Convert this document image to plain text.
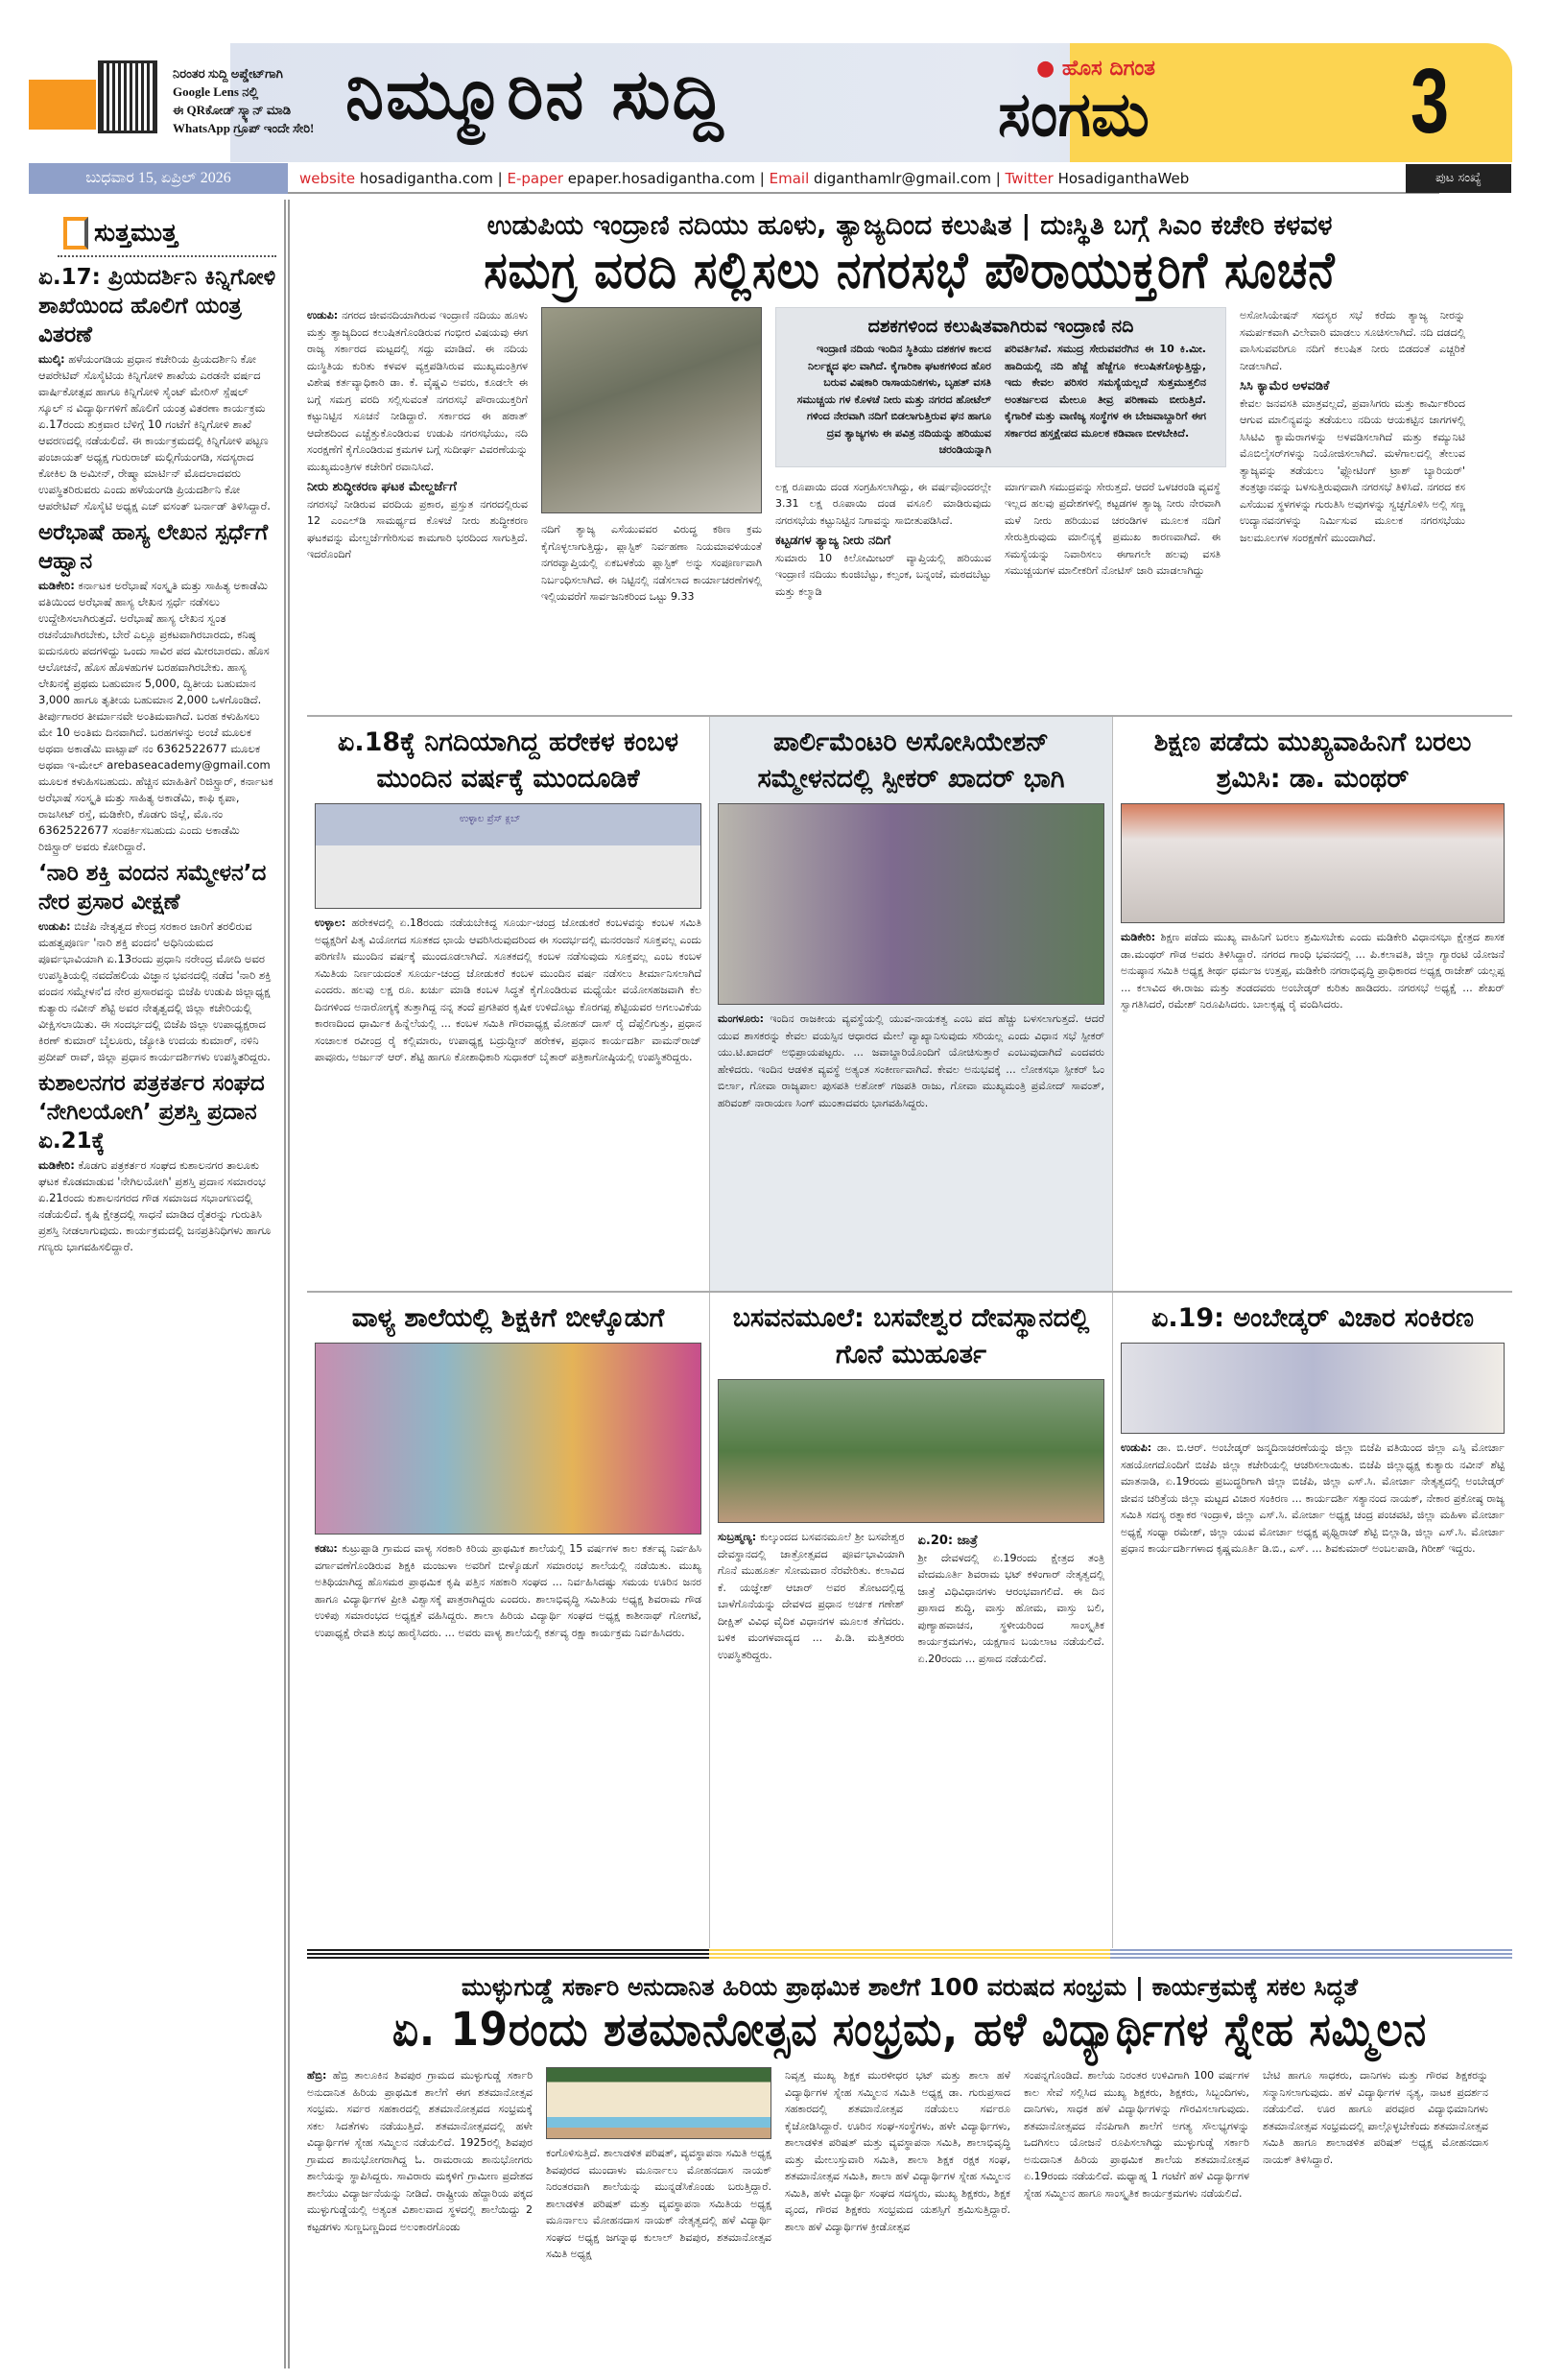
ನಿರಂತರ ಸುದ್ದಿ ಅಪ್ಡೇಟ್‌ಗಾಗಿ
Google Lens ನಲ್ಲಿ
ಈ QRಕೋಡ್ ಸ್ಕ್ಯಾನ್ ಮಾಡಿ
WhatsApp ಗ್ರೂಪ್ ಇಂದೇ ಸೇರಿ! ನಿಮ್ಮೂರಿನ ಸುದ್ದಿ	● ಹೊಸ ದಿಗಂತ
ಸಂಗಮ	3
ಬುಧವಾರ 15, ಏಪ್ರಿಲ್ 2026	website hosadigantha.com | E-paper epaper.hosadigantha.com | Email diganthamlr@gmail.com | Twitter HosadiganthaWeb	ಪುಟ ಸಂಖ್ಯೆ
ಸುತ್ತಮುತ್ತ
ಏ.17: ಪ್ರಿಯದರ್ಶಿನಿ ಕಿನ್ನಿಗೋಳಿ ಶಾಖೆಯಿಂದ ಹೊಲಿಗೆ ಯಂತ್ರ ವಿತರಣೆ

ಮುಲ್ಕಿ: ಹಳೆಯಂಗಡಿಯ ಪ್ರಧಾನ ಕಚೇರಿಯ ಪ್ರಿಯದರ್ಶಿನಿ ಕೋ ಆಪರೇಟಿವ್ ಸೊಸೈಟಿಯ ಕಿನ್ನಿಗೋಳಿ ಶಾಖೆಯ ಎರಡನೇ ವರ್ಷದ ವಾರ್ಷಿಕೋತ್ಸವ ಹಾಗೂ ಕಿನ್ನಿಗೋಳಿ ಸೈಂಟ್ ಮೇರಿಸ್ ಸ್ಪೆಷಲ್ ಸ್ಕೂಲ್ ನ ವಿದ್ಯಾರ್ಥಿಗಳಿಗೆ ಹೊಲಿಗೆ ಯಂತ್ರ ವಿತರಣಾ ಕಾರ್ಯಕ್ರಮ ಏ.17ರಂದು ಶುಕ್ರವಾರ ಬೆಳಿಗ್ಗೆ 10 ಗಂಟೆಗೆ ಕಿನ್ನಿಗೋಳಿ ಶಾಖೆ ಆವರಣದಲ್ಲಿ ನಡೆಯಲಿದೆ. ಈ ಕಾರ್ಯಕ್ರಮದಲ್ಲಿ ಕಿನ್ನಿಗೋಳಿ ಪಟ್ಟಣ ಪಂಚಾಯತ್ ಅಧ್ಯಕ್ಷ ಗುರುರಾಜ್ ಮಲ್ಲಿಗೆಯಂಗಡಿ, ಸದಸ್ಯರಾದ ಕೋಕಿಲ ಡಿ ಅಮೀನ್, ರೇಷ್ಮಾ ಮಾರ್ಟಿನ್ ಮೊದಲಾದವರು ಉಪಸ್ಥಿತರಿರುವರು ಎಂದು ಹಳೆಯಂಗಡಿ ಪ್ರಿಯದರ್ಶಿನಿ ಕೋ ಆಪರೇಟಿವ್ ಸೊಸೈಟಿ ಅಧ್ಯಕ್ಷ ಎಚ್ ವಸಂತ್ ಬರ್ನಾಡ್ ತಿಳಿಸಿದ್ದಾರೆ.

ಅರೆಭಾಷೆ ಹಾಸ್ಯ ಲೇಖನ ಸ್ಪರ್ಧೆಗೆ ಆಹ್ವಾನ

ಮಡಿಕೇರಿ: ಕರ್ನಾಟಕ ಅರೆಭಾಷೆ ಸಂಸ್ಕೃತಿ ಮತ್ತು ಸಾಹಿತ್ಯ ಅಕಾಡೆಮಿ ವತಿಯಿಂದ ಅರೆಭಾಷೆ ಹಾಸ್ಯ ಲೇಖನ ಸ್ಪರ್ಧೆ ನಡೆಸಲು ಉದ್ದೇಶಿಸಲಾಗಿರುತ್ತದೆ. ಅರೆಭಾಷೆ ಹಾಸ್ಯ ಲೇಖನ ಸ್ವಂತ ರಚನೆಯಾಗಿರಬೇಕು, ಬೇರೆ ಎಲ್ಲೂ ಪ್ರಕಟವಾಗಿರಬಾರದು, ಕನಿಷ್ಠ ಐದುನೂರು ಪದಗಳಿದ್ದು ಒಂದು ಸಾವಿರ ಪದ ಮೀರಬಾರದು. ಹೊಸ ಆಲೋಚನೆ, ಹೊಸ ಹೊಳಹುಗಳ ಬರಹವಾಗಿರಬೇಕು. ಹಾಸ್ಯ ಲೇಖನಕ್ಕೆ ಪ್ರಥಮ ಬಹುಮಾನ 5,000, ದ್ವಿತೀಯ ಬಹುಮಾನ 3,000 ಹಾಗೂ ತೃತೀಯ ಬಹುಮಾನ 2,000 ಒಳಗೊಂಡಿದೆ. ತೀರ್ಪುಗಾರರ ತೀರ್ಮಾನವೇ ಅಂತಿಮವಾಗಿದೆ. ಬರಹ ಕಳುಹಿಸಲು ಮೇ 10 ಅಂತಿಮ ದಿನವಾಗಿದೆ. ಬರಹಗಳನ್ನು ಅಂಚೆ ಮೂಲಕ ಅಥವಾ ಅಕಾಡೆಮಿ ವಾಟ್ಸಾಪ್ ನಂ 6362522677 ಮೂಲಕ ಅಥವಾ ಇ-ಮೇಲ್ arebaseacademy@gmail.com ಮೂಲಕ ಕಳುಹಿಸಬಹುದು. ಹೆಚ್ಚಿನ ಮಾಹಿತಿಗೆ ರಿಜಿಸ್ಟ್ರಾರ್, ಕರ್ನಾಟಕ ಅರೆಭಾಷೆ ಸಂಸ್ಕೃತಿ ಮತ್ತು ಸಾಹಿತ್ಯ ಅಕಾಡೆಮಿ, ಕಾಫಿ ಕೃಪಾ, ರಾಜಸೀಟ್ ರಸ್ತೆ, ಮಡಿಕೇರಿ, ಕೊಡಗು ಜಿಲ್ಲೆ, ಮೊ.ನಂ 6362522677 ಸಂಪರ್ಕಿಸಬಹುದು ಎಂದು ಅಕಾಡೆಮಿ ರಿಜಿಸ್ಟ್ರಾರ್ ಅವರು ಕೋರಿದ್ದಾರೆ.

‘ನಾರಿ ಶಕ್ತಿ ವಂದನ ಸಮ್ಮೇಳನ’ದ ನೇರ ಪ್ರಸಾರ ವೀಕ್ಷಣೆ

ಉಡುಪಿ: ಬಿಜೆಪಿ ನೇತೃತ್ವದ ಕೇಂದ್ರ ಸರಕಾರ ಜಾರಿಗೆ ತರಲಿರುವ ಮಹತ್ವಪೂರ್ಣ 'ನಾರಿ ಶಕ್ತಿ ವಂದನ' ಅಧಿನಿಯಮದ ಪೂರ್ವಭಾವಿಯಾಗಿ ಏ.13ರಂದು ಪ್ರಧಾನಿ ನರೇಂದ್ರ ಮೋದಿ ಅವರ ಉಪಸ್ಥಿತಿಯಲ್ಲಿ ನವದೆಹಲಿಯ ವಿಜ್ಞಾನ ಭವನದಲ್ಲಿ ನಡೆದ 'ನಾರಿ ಶಕ್ತಿ ವಂದನ ಸಮ್ಮೇಳನ'ದ ನೇರ ಪ್ರಸಾರವನ್ನು ಬಿಜೆಪಿ ಉಡುಪಿ ಜಿಲ್ಲಾಧ್ಯಕ್ಷ ಕುತ್ಯಾರು ನವೀನ್ ಶೆಟ್ಟಿ ಅವರ ನೇತೃತ್ವದಲ್ಲಿ ಜಿಲ್ಲಾ ಕಚೇರಿಯಲ್ಲಿ ವೀಕ್ಷಿಸಲಾಯಿತು. ಈ ಸಂದರ್ಭದಲ್ಲಿ ಬಿಜೆಪಿ ಜಿಲ್ಲಾ ಉಪಾಧ್ಯಕ್ಷರಾದ ಕಿರಣ್ ಕುಮಾರ್ ಬೈಲೂರು, ಜ್ಯೋತಿ ಉದಯ ಕುಮಾರ್, ನಳಿನಿ ಪ್ರದೀಪ್ ರಾವ್, ಜಿಲ್ಲಾ ಪ್ರಧಾನ ಕಾರ್ಯದರ್ಶಿಗಳು ಉಪಸ್ಥಿತರಿದ್ದರು.

ಕುಶಾಲನಗರ ಪತ್ರಕರ್ತರ ಸಂಘದ ‘ನೇಗಿಲಯೋಗಿ’ ಪ್ರಶಸ್ತಿ ಪ್ರದಾನ ಏ.21ಕ್ಕೆ

ಮಡಿಕೇರಿ: ಕೊಡಗು ಪತ್ರಕರ್ತರ ಸಂಘದ ಕುಶಾಲನಗರ ತಾಲೂಕು ಘಟಕ ಕೊಡಮಾಡುವ 'ನೇಗಿಲಯೋಗಿ' ಪ್ರಶಸ್ತಿ ಪ್ರದಾನ ಸಮಾರಂಭ ಏ.21ರಂದು ಕುಶಾಲನಗರದ ಗೌಡ ಸಮಾಜದ ಸಭಾಂಗಣದಲ್ಲಿ ನಡೆಯಲಿದೆ. ಕೃಷಿ ಕ್ಷೇತ್ರದಲ್ಲಿ ಸಾಧನೆ ಮಾಡಿದ ರೈತರನ್ನು ಗುರುತಿಸಿ ಪ್ರಶಸ್ತಿ ನೀಡಲಾಗುವುದು. ಕಾರ್ಯಕ್ರಮದಲ್ಲಿ ಜನಪ್ರತಿನಿಧಿಗಳು ಹಾಗೂ ಗಣ್ಯರು ಭಾಗವಹಿಸಲಿದ್ದಾರೆ.

ಉಡುಪಿಯ ಇಂದ್ರಾಣಿ ನದಿಯು ಹೂಳು, ತ್ಯಾಜ್ಯದಿಂದ ಕಲುಷಿತ | ದುಃಸ್ಥಿತಿ ಬಗ್ಗೆ ಸಿಎಂ ಕಚೇರಿ ಕಳವಳ
ಸಮಗ್ರ ವರದಿ ಸಲ್ಲಿಸಲು ನಗರಸಭೆ ಪೌರಾಯುಕ್ತರಿಗೆ ಸೂಚನೆ

ಉಡುಪಿ: ನಗರದ ಜೀವನದಿಯಾಗಿರುವ ಇಂದ್ರಾಣಿ ನದಿಯು ಹೂಳು ಮತ್ತು ತ್ಯಾಜ್ಯದಿಂದ ಕಲುಷಿತಗೊಂಡಿರುವ ಗಂಭೀರ ವಿಷಯವು ಈಗ ರಾಜ್ಯ ಸರ್ಕಾರದ ಮಟ್ಟದಲ್ಲಿ ಸದ್ದು ಮಾಡಿದೆ. ಈ ನದಿಯ ದುಃಸ್ಥಿತಿಯ ಕುರಿತು ಕಳವಳ ವ್ಯಕ್ತಪಡಿಸಿರುವ ಮುಖ್ಯಮಂತ್ರಿಗಳ ವಿಶೇಷ ಕರ್ತವ್ಯಾಧಿಕಾರಿ ಡಾ. ಕೆ. ವೈಷ್ಣವಿ ಅವರು, ಕೂಡಲೇ ಈ ಬಗ್ಗೆ ಸಮಗ್ರ ವರದಿ ಸಲ್ಲಿಸುವಂತೆ ನಗರಸಭೆ ಪೌರಾಯುಕ್ತರಿಗೆ ಕಟ್ಟುನಿಟ್ಟಿನ ಸೂಚನೆ ನೀಡಿದ್ದಾರೆ. ಸರ್ಕಾರದ ಈ ಹಠಾತ್ ಆದೇಶದಿಂದ ಎಚ್ಚೆತ್ತುಕೊಂಡಿರುವ ಉಡುಪಿ ನಗರಸಭೆಯು, ನದಿ ಸಂರಕ್ಷಣೆಗೆ ಕೈಗೊಂಡಿರುವ ಕ್ರಮಗಳ ಬಗ್ಗೆ ಸುದೀರ್ಘ ವಿವರಣೆಯನ್ನು ಮುಖ್ಯಮಂತ್ರಿಗಳ ಕಚೇರಿಗೆ ರವಾನಿಸಿದೆ.

ನೀರು ಶುದ್ಧೀಕರಣ ಘಟಕ ಮೇಲ್ದರ್ಜೆಗೆ

ನಗರಸಭೆ ನೀಡಿರುವ ವರದಿಯ ಪ್ರಕಾರ, ಪ್ರಸ್ತುತ ನಗರದಲ್ಲಿರುವ 12 ಎಂಎಲ್‌ಡಿ ಸಾಮರ್ಥ್ಯದ ಕೊಳಚೆ ನೀರು ಶುದ್ಧೀಕರಣ ಘಟಕವನ್ನು ಮೇಲ್ದರ್ಜೆಗೇರಿಸುವ ಕಾಮಗಾರಿ ಭರದಿಂದ ಸಾಗುತ್ತಿದೆ. ಇದರೊಂದಿಗೆ

ನದಿಗೆ ತ್ಯಾಜ್ಯ ಎಸೆಯುವವರ ವಿರುದ್ಧ ಕಠಿಣ ಕ್ರಮ ಕೈಗೊಳ್ಳಲಾಗುತ್ತಿದ್ದು, ಪ್ಲಾಸ್ಟಿಕ್ ನಿರ್ವಹಣಾ ನಿಯಮಾವಳಿಯಂತೆ ನಗರವ್ಯಾಪ್ತಿಯಲ್ಲಿ ಏಕಬಳಕೆಯ ಪ್ಲಾಸ್ಟಿಕ್ ಅನ್ನು ಸಂಪೂರ್ಣವಾಗಿ ನಿರ್ಬಂಧಿಸಲಾಗಿದೆ. ಈ ನಿಟ್ಟಿನಲ್ಲಿ ನಡೆಸಲಾದ ಕಾರ್ಯಾಚರಣೆಗಳಲ್ಲಿ ಇಲ್ಲಿಯವರೆಗೆ ಸಾರ್ವಜನಿಕರಿಂದ ಒಟ್ಟು 9.33

ದಶಕಗಳಿಂದ ಕಲುಷಿತವಾಗಿರುವ ಇಂದ್ರಾಣಿ ನದಿ

ಇಂದ್ರಾಣಿ ನದಿಯ ಇಂದಿನ ಸ್ಥಿತಿಯು ದಶಕಗಳ ಕಾಲದ ನಿರ್ಲಕ್ಷ್ಯದ ಫಲ ವಾಗಿದೆ. ಕೈಗಾರಿಕಾ ಘಟಕಗಳಿಂದ ಹೊರ ಬರುವ ವಿಷಕಾರಿ ರಾಸಾಯನಿಕಗಳು, ಬೃಹತ್ ವಸತಿ ಸಮುಚ್ಚಯ ಗಳ ಕೊಳಚೆ ನೀರು ಮತ್ತು ನಗರದ ಹೋಟೆಲ್ ಗಳಿಂದ ನೇರವಾಗಿ ನದಿಗೆ ಬಿಡಲಾಗುತ್ತಿರುವ ಘನ ಹಾಗೂ ದ್ರವ ತ್ಯಾಜ್ಯಗಳು ಈ ಪವಿತ್ರ ನದಿಯನ್ನು ಹರಿಯುವ ಚರಂಡಿಯನ್ನಾಗಿ

ಪರಿವರ್ತಿಸಿವೆ. ಸಮುದ್ರ ಸೇರುವವರೆಗಿನ ಈ 10 ಕಿ.ಮೀ. ಹಾದಿಯಲ್ಲಿ ನದಿ ಹೆಜ್ಜೆ ಹೆಜ್ಜೆಗೂ ಕಲುಷಿತಗೊಳ್ಳುತ್ತಿದ್ದು, ಇದು ಕೇವಲ ಪರಿಸರ ಸಮಸ್ಯೆಯಲ್ಲದೆ ಸುತ್ತಮುತ್ತಲಿನ ಅಂತರ್ಜಲದ ಮೇಲೂ ತೀವ್ರ ಪರಿಣಾಮ ಬೀರುತ್ತಿದೆ. ಕೈಗಾರಿಕೆ ಮತ್ತು ವಾಣಿಜ್ಯ ಸಂಸ್ಥೆಗಳ ಈ ಬೇಜವಾಬ್ದಾರಿಗೆ ಈಗ ಸರ್ಕಾರದ ಹಸ್ತಕ್ಷೇಪದ ಮೂಲಕ ಕಡಿವಾಣ ಬೀಳಬೇಕಿದೆ.

ಲಕ್ಷ ರೂಪಾಯಿ ದಂಡ ಸಂಗ್ರಹಿಸಲಾಗಿದ್ದು, ಈ ವರ್ಷವೊಂದರಲ್ಲೇ 3.31 ಲಕ್ಷ ರೂಪಾಯಿ ದಂಡ ವಸೂಲಿ ಮಾಡಿರುವುದು ನಗರಸಭೆಯ ಕಟ್ಟುನಿಟ್ಟಿನ ನಿಗಾವನ್ನು ಸಾಬೀತುಪಡಿಸಿದೆ.

ಕಟ್ಟಡಗಳ ತ್ಯಾಜ್ಯ ನೀರು ನದಿಗೆ

ಸುಮಾರು 10 ಕಿಲೋಮೀಟರ್ ವ್ಯಾಪ್ತಿಯಲ್ಲಿ ಹರಿಯುವ ಇಂದ್ರಾಣಿ ನದಿಯು ಕುಂಜಿಬೆಟ್ಟು, ಕಲ್ಸಂಕ, ಬನ್ನಂಜೆ, ಮಠದಬೆಟ್ಟು ಮತ್ತು ಕಲ್ಮಾಡಿ

ಮಾರ್ಗವಾಗಿ ಸಮುದ್ರವನ್ನು ಸೇರುತ್ತದೆ. ಆದರೆ ಒಳಚರಂಡಿ ವ್ಯವಸ್ಥೆ ಇಲ್ಲದ ಹಲವು ಪ್ರದೇಶಗಳಲ್ಲಿ ಕಟ್ಟಡಗಳ ತ್ಯಾಜ್ಯ ನೀರು ನೇರವಾಗಿ ಮಳೆ ನೀರು ಹರಿಯುವ ಚರಂಡಿಗಳ ಮೂಲಕ ನದಿಗೆ ಸೇರುತ್ತಿರುವುದು ಮಾಲಿನ್ಯಕ್ಕೆ ಪ್ರಮುಖ ಕಾರಣವಾಗಿದೆ. ಈ ಸಮಸ್ಯೆಯನ್ನು ನಿವಾರಿಸಲು ಈಗಾಗಲೇ ಹಲವು ವಸತಿ ಸಮುಚ್ಚಯಗಳ ಮಾಲೀಕರಿಗೆ ನೋಟಿಸ್ ಜಾರಿ ಮಾಡಲಾಗಿದ್ದು

ಅಸೋಸಿಯೇಷನ್ ಸದಸ್ಯರ ಸಭೆ ಕರೆದು ತ್ಯಾಜ್ಯ ನೀರನ್ನು ಸಮರ್ಪಕವಾಗಿ ವಿಲೇವಾರಿ ಮಾಡಲು ಸೂಚಿಸಲಾಗಿದೆ. ನದಿ ದಡದಲ್ಲಿ ವಾಸಿಸುವವರಿಗೂ ನದಿಗೆ ಕಲುಷಿತ ನೀರು ಬಿಡದಂತೆ ಎಚ್ಚರಿಕೆ ನೀಡಲಾಗಿದೆ.

ಸಿಸಿ ಕ್ಯಾಮೆರ ಅಳವಡಿಕೆ

ಕೇವಲ ಜನವಸತಿ ಮಾತ್ರವಲ್ಲದೆ, ಪ್ರವಾಸಿಗರು ಮತ್ತು ಕಾರ್ಮಿಕರಿಂದ ಆಗುವ ಮಾಲಿನ್ಯವನ್ನು ತಡೆಯಲು ನದಿಯ ಆಯಕಟ್ಟಿನ ಜಾಗಗಳಲ್ಲಿ ಸಿಸಿಟಿವಿ ಕ್ಯಾಮೆರಾಗಳನ್ನು ಅಳವಡಿಸಲಾಗಿದೆ ಮತ್ತು ಕಮ್ಯುನಿಟಿ ಮೊಬಿಲೈಸರ್‌ಗಳನ್ನು ನಿಯೋಜಿಸಲಾಗಿದೆ. ಮಳೆಗಾಲದಲ್ಲಿ ತೇಲುವ ತ್ಯಾಜ್ಯವನ್ನು ತಡೆಯಲು 'ಫ್ಲೋಟಿಂಗ್ ಟ್ರಾಶ್ ಬ್ಯಾರಿಯರ್' ತಂತ್ರಜ್ಞಾನವನ್ನು ಬಳಸುತ್ತಿರುವುದಾಗಿ ನಗರಸಭೆ ತಿಳಿಸಿದೆ. ನಗರದ ಕಸ ಎಸೆಯುವ ಸ್ಥಳಗಳನ್ನು ಗುರುತಿಸಿ ಅವುಗಳನ್ನು ಸ್ವಚ್ಛಗೊಳಿಸಿ ಅಲ್ಲಿ ಸಣ್ಣ ಉದ್ಯಾನವನಗಳನ್ನು ನಿರ್ಮಿಸುವ ಮೂಲಕ ನಗರಸಭೆಯು ಜಲಮೂಲಗಳ ಸಂರಕ್ಷಣೆಗೆ ಮುಂದಾಗಿದೆ.

ಏ.18ಕ್ಕೆ ನಿಗದಿಯಾಗಿದ್ದ ಹರೇಕಳ ಕಂಬಳ ಮುಂದಿನ ವರ್ಷಕ್ಕೆ ಮುಂದೂಡಿಕೆ
ಉಳ್ಳಾಲ ಪ್ರೆಸ್ ಕ್ಲಬ್

ಉಳ್ಳಾಲ: ಹರೇಕಳದಲ್ಲಿ ಏ.18ರಂದು ನಡೆಯಬೇಕಿದ್ದ ಸೂರ್ಯ-ಚಂದ್ರ ಜೋಡುಕರೆ ಕಂಬಳವನ್ನು ಕಂಬಳ ಸಮಿತಿ ಅಧ್ಯಕ್ಷರಿಗೆ ಪಿತೃ ವಿಯೋಗದ ಸೂತಕದ ಛಾಯೆ ಆವರಿಸಿರುವುದರಿಂದ ಈ ಸಂದರ್ಭದಲ್ಲಿ ಮನರಂಜನೆ ಸೂಕ್ತವಲ್ಲ ಎಂದು ಪರಿಗಣಿಸಿ ಮುಂದಿನ ವರ್ಷಕ್ಕೆ ಮುಂದೂಡಲಾಗಿದೆ. ಸೂತಕದಲ್ಲಿ ಕಂಬಳ ನಡೆಸುವುದು ಸೂಕ್ತವಲ್ಲ ಎಂಬ ಕಂಬಳ ಸಮಿತಿಯ ನಿರ್ಣಯದಂತೆ ಸೂರ್ಯ-ಚಂದ್ರ ಜೋಡುಕರೆ ಕಂಬಳ ಮುಂದಿನ ವರ್ಷ ನಡೆಸಲು ತೀರ್ಮಾನಿಸಲಾಗಿದೆ ಎಂದರು. ಹಲವು ಲಕ್ಷ ರೂ. ಖರ್ಚು ಮಾಡಿ ಕಂಬಳ ಸಿದ್ಧತೆ ಕೈಗೊಂಡಿರುವ ಮಧ್ಯೆಯೇ ವಯೋಸಹಜವಾಗಿ ಕೆಲ ದಿನಗಳಿಂದ ಅನಾರೋಗ್ಯಕ್ಕೆ ತುತ್ತಾಗಿದ್ದ ನನ್ನ ತಂದೆ ಪ್ರಗತಿಪರ ಕೃಷಿಕ ಉಳಿದೊಟ್ಟು ಕೊರಗಪ್ಪ ಶೆಟ್ಟಿಯವರ ಅಗಲುವಿಕೆಯ ಕಾರಣದಿಂದ ಧಾರ್ಮಿಕ ಹಿನ್ನೆಲೆಯಲ್ಲಿ ... ಕಂಬಳ ಸಮಿತಿ ಗೌರವಾಧ್ಯಕ್ಷ ಮೋಹನ್ ದಾಸ್ ರೈ ದೆಪ್ಪೆಲಿಗುತ್ತು, ಪ್ರಧಾನ ಸಂಚಾಲಕ ರವೀಂದ್ರ ರೈ ಕಲ್ಲಿಮಾರು, ಉಪಾಧ್ಯಕ್ಷ ಬದ್ರುದ್ದೀನ್ ಹರೇಕಳ, ಪ್ರಧಾನ ಕಾರ್ಯದರ್ಶಿ ವಾಮನ್‌ರಾಜ್ ಪಾವೂರು, ಅರ್ಜುನ್ ಆರ್. ಶೆಟ್ಟಿ ಹಾಗೂ ಕೋಶಾಧಿಕಾರಿ ಸುಧಾಕರ್ ಬೈತಾರ್ ಪತ್ರಿಕಾಗೋಷ್ಠಿಯಲ್ಲಿ ಉಪಸ್ಥಿತರಿದ್ದರು.

ಪಾರ್ಲಿಮೆಂಟರಿ ಅಸೋಸಿಯೇಶನ್ ಸಮ್ಮೇಳನದಲ್ಲಿ ಸ್ಪೀಕರ್ ಖಾದರ್ ಭಾಗಿ

ಮಂಗಳೂರು: ಇಂದಿನ ರಾಜಕೀಯ ವ್ಯವಸ್ಥೆಯಲ್ಲಿ ಯುವ-ನಾಯಕತ್ವ ಎಂಬ ಪದ ಹೆಚ್ಚು ಬಳಸಲಾಗುತ್ತದೆ. ಆದರೆ ಯುವ ಶಾಸಕರನ್ನು ಕೇವಲ ವಯಸ್ಸಿನ ಆಧಾರದ ಮೇಲೆ ವ್ಯಾಖ್ಯಾನಿಸುವುದು ಸರಿಯಲ್ಲ ಎಂದು ವಿಧಾನ ಸಭೆ ಸ್ಪೀಕರ್ ಯು.ಟಿ.ಖಾದರ್ ಅಭಿಪ್ರಾಯಪಟ್ಟರು. ... ಜವಾಬ್ದಾರಿಯೊಂದಿಗೆ ಯೋಚಿಸುತ್ತಾರೆ ಎಂಬುವುದಾಗಿದೆ ಎಂದವರು ಹೇಳಿದರು. ಇಂದಿನ ಆಡಳಿತ ವ್ಯವಸ್ಥೆ ಅತ್ಯಂತ ಸಂಕೀರ್ಣವಾಗಿದೆ. ಕೇವಲ ಅನುಭವಕ್ಕೆ ... ಲೋಕಸಭಾ ಸ್ಪೀಕರ್ ಓಂ ಬಿರ್ಲಾ, ಗೋವಾ ರಾಜ್ಯಪಾಲ ಪುಸಪತಿ ಅಶೋಕ್ ಗಜಪತಿ ರಾಜು, ಗೋವಾ ಮುಖ್ಯಮಂತ್ರಿ ಪ್ರಮೋದ್ ಸಾವಂತ್, ಹರಿವಂಶ್ ನಾರಾಯಣ ಸಿಂಗ್ ಮುಂತಾದವರು ಭಾಗವಹಿಸಿದ್ದರು.

ಶಿಕ್ಷಣ ಪಡೆದು ಮುಖ್ಯವಾಹಿನಿಗೆ ಬರಲು ಶ್ರಮಿಸಿ: ಡಾ. ಮಂಥರ್

ಮಡಿಕೇರಿ: ಶಿಕ್ಷಣ ಪಡೆದು ಮುಖ್ಯ ವಾಹಿನಿಗೆ ಬರಲು ಶ್ರಮಿಸಬೇಕು ಎಂದು ಮಡಿಕೇರಿ ವಿಧಾನಸಭಾ ಕ್ಷೇತ್ರದ ಶಾಸಕ ಡಾ.ಮಂಥರ್ ಗೌಡ ಅವರು ತಿಳಿಸಿದ್ದಾರೆ. ನಗರದ ಗಾಂಧಿ ಭವನದಲ್ಲಿ ... ಪಿ.ಕಲಾವತಿ, ಜಿಲ್ಲಾ ಗ್ಯಾರಂಟಿ ಯೋಜನೆ ಅನುಷ್ಠಾನ ಸಮಿತಿ ಅಧ್ಯಕ್ಷ ತೀರ್ಥ ಧರ್ಮಜ ಉತ್ತಪ್ಪ, ಮಡಿಕೇರಿ ನಗರಾಭಿವೃದ್ಧಿ ಪ್ರಾಧಿಕಾರದ ಅಧ್ಯಕ್ಷ ರಾಜೇಶ್ ಯಲ್ಲಪ್ಪ ... ಕಲಾವಿದ ಈ.ರಾಜು ಮತ್ತು ತಂಡದವರು ಅಂಬೇಡ್ಕರ್ ಕುರಿತು ಹಾಡಿದರು. ನಗರಸಭೆ ಅಧ್ಯಕ್ಷೆ ... ಶೇಖರ್ ಸ್ವಾಗತಿಸಿದರೆ, ರಮೇಶ್ ನಿರೂಪಿಸಿದರು. ಬಾಲಕೃಷ್ಣ ರೈ ವಂದಿಸಿದರು.

ವಾಳ್ಯ ಶಾಲೆಯಲ್ಲಿ ಶಿಕ್ಷಕಿಗೆ ಬೀಳ್ಕೊಡುಗೆ

ಕಡಬ: ಕುಟ್ರುಪ್ಪಾಡಿ ಗ್ರಾಮದ ವಾಳ್ಯ ಸರಕಾರಿ ಕಿರಿಯ ಪ್ರಾಥಮಿಕ ಶಾಲೆಯಲ್ಲಿ 15 ವರ್ಷಗಳ ಕಾಲ ಕರ್ತವ್ಯ ನಿರ್ವಹಿಸಿ ವರ್ಗಾವಣೆಗೊಂಡಿರುವ ಶಿಕ್ಷಕಿ ಮಂಜುಳಾ ಅವರಿಗೆ ಬೀಳ್ಕೊಡುಗೆ ಸಮಾರಂಭ ಶಾಲೆಯಲ್ಲಿ ನಡೆಯಿತು. ಮುಖ್ಯ ಅತಿಥಿಯಾಗಿದ್ದ ಹೊಸಮಠ ಪ್ರಾಥಮಿಕ ಕೃಷಿ ಪತ್ತಿನ ಸಹಕಾರಿ ಸಂಘದ ... ನಿರ್ವಹಿಸಿದಷ್ಟು ಸಮಯ ಊರಿನ ಜನರ ಹಾಗೂ ವಿದ್ಯಾರ್ಥಿಗಳ ಪ್ರೀತಿ ವಿಶ್ವಾಸಕ್ಕೆ ಪಾತ್ರರಾಗಿದ್ದರು ಎಂದರು. ಶಾಲಾಭಿವೃದ್ಧಿ ಸಮಿತಿಯ ಅಧ್ಯಕ್ಷ ಶಿವರಾಮ ಗೌಡ ಉಳಿಪು ಸಮಾರಂಭದ ಅಧ್ಯಕ್ಷತೆ ವಹಿಸಿದ್ದರು. ಶಾಲಾ ಹಿರಿಯ ವಿದ್ಯಾರ್ಥಿ ಸಂಘದ ಅಧ್ಯಕ್ಷ ಕಾಶೀನಾಥ್ ಗೋಗಟೆ, ಉಪಾಧ್ಯಕ್ಷೆ ರೇವತಿ ಶುಭ ಹಾರೈಸಿದರು. ... ಅವರು ವಾಳ್ಯ ಶಾಲೆಯಲ್ಲಿ ಕರ್ತವ್ಯ ರಕ್ಷಾ ಕಾರ್ಯಕ್ರಮ ನಿರ್ವಹಿಸಿದರು.

ಬಸವನಮೂಲೆ: ಬಸವೇಶ್ವರ ದೇವಸ್ಥಾನದಲ್ಲಿ ಗೊನೆ ಮುಹೂರ್ತ

ಸುಬ್ರಹ್ಮಣ್ಯ: ಕುಲ್ಕುಂದದ ಬಸವನಮೂಲೆ ಶ್ರೀ ಬಸವೇಶ್ವರ ದೇವಸ್ಥಾನದಲ್ಲಿ ಜಾತ್ರೋತ್ಸವದ ಪೂರ್ವಭಾವಿಯಾಗಿ ಗೊನೆ ಮುಹೂರ್ತ ಸೋಮವಾರ ನೆರವೇರಿತು. ಕಲಾವಿದ ಕೆ. ಯಜ್ಞೇಶ್ ಆಚಾರ್ ಅವರ ತೋಟದಲ್ಲಿದ್ದ ಬಾಳೆಗೊನೆಯನ್ನು ದೇವಳದ ಪ್ರಧಾನ ಅರ್ಚಕ ಗಣೇಶ್ ದೀಕ್ಷಿತ್ ವಿವಿಧ ವೈದಿಕ ವಿಧಾನಗಳ ಮೂಲಕ ತೆಗೆದರು. ಬಳಿಕ ಮಂಗಳವಾದ್ಯದ ... ಪಿ.ಡಿ. ಮತ್ತಿತರರು ಉಪಸ್ಥಿತರಿದ್ದರು.

ಏ.20: ಜಾತ್ರೆ

ಶ್ರೀ ದೇವಳದಲ್ಲಿ ಏ.19ರಂದು ಕ್ಷೇತ್ರದ ತಂತ್ರಿ ವೇದಮೂರ್ತಿ ಶಿವರಾಮ ಭಟ್ ಕಳಿಂಗಾರ್ ನೇತೃತ್ವದಲ್ಲಿ ಜಾತ್ರೆ ವಿಧಿವಿಧಾನಗಳು ಆರಂಭವಾಗಲಿದೆ. ಈ ದಿನ ಪ್ರಾಸಾದ ಶುದ್ಧಿ, ವಾಸ್ತು ಹೋಮ, ವಾಸ್ತು ಬಲಿ, ಪುಣ್ಯಾಹವಾಚನ, ಸ್ಥಳೀಯರಿಂದ ಸಾಂಸ್ಕೃತಿಕ ಕಾರ್ಯಕ್ರಮಗಳು, ಯಕ್ಷಗಾನ ಬಯಲಾಟ ನಡೆಯಲಿದೆ. ಏ.20ರಂದು ... ಪ್ರಸಾದ ನಡೆಯಲಿದೆ.

ಏ.19: ಅಂಬೇಡ್ಕರ್ ವಿಚಾರ ಸಂಕಿರಣ

ಉಡುಪಿ: ಡಾ. ಬಿ.ಆರ್. ಅಂಬೇಡ್ಕರ್ ಜನ್ಮದಿನಾಚರಣೆಯನ್ನು ಜಿಲ್ಲಾ ಬಿಜೆಪಿ ವತಿಯಿಂದ ಜಿಲ್ಲಾ ಎಸ್ಸಿ ಮೋರ್ಚಾ ಸಹಯೋಗದೊಂದಿಗೆ ಬಿಜೆಪಿ ಜಿಲ್ಲಾ ಕಚೇರಿಯಲ್ಲಿ ಆಚರಿಸಲಾಯಿತು. ಬಿಜೆಪಿ ಜಿಲ್ಲಾಧ್ಯಕ್ಷ ಕುತ್ಯಾರು ನವೀನ್ ಶೆಟ್ಟಿ ಮಾತನಾಡಿ, ಏ.19ರಂದು ಪ್ರಬುದ್ಧರಿಗಾಗಿ ಜಿಲ್ಲಾ ಬಿಜೆಪಿ, ಜಿಲ್ಲಾ ಎಸ್.ಸಿ. ಮೋರ್ಚಾ ನೇತೃತ್ವದಲ್ಲಿ ಅಂಬೇಡ್ಕರ್ ಜೀವನ ಚರಿತ್ರೆಯ ಜಿಲ್ಲಾ ಮಟ್ಟದ ವಿಚಾರ ಸಂಕಿರಣ ... ಕಾರ್ಯದರ್ಶಿ ಸತ್ಯಾನಂದ ನಾಯಕ್, ನೇಕಾರ ಪ್ರಕೋಷ್ಠ ರಾಜ್ಯ ಸಮಿತಿ ಸದಸ್ಯ ರತ್ನಾಕರ ಇಂದ್ರಾಳಿ, ಜಿಲ್ಲಾ ಎಸ್.ಸಿ. ಮೋರ್ಚಾ ಅಧ್ಯಕ್ಷ ಚಂದ್ರ ಪಂಚವಟಿ, ಜಿಲ್ಲಾ ಮಹಿಳಾ ಮೋರ್ಚಾ ಅಧ್ಯಕ್ಷೆ ಸಂಧ್ಯಾ ರಮೇಶ್, ಜಿಲ್ಲಾ ಯುವ ಮೋರ್ಚಾ ಅಧ್ಯಕ್ಷ ಪೃಥ್ವಿರಾಜ್ ಶೆಟ್ಟಿ ಬಿಲ್ಲಾಡಿ, ಜಿಲ್ಲಾ ಎಸ್.ಸಿ. ಮೋರ್ಚಾ ಪ್ರಧಾನ ಕಾರ್ಯದರ್ಶಿಗಳಾದ ಕೃಷ್ಣಮೂರ್ತಿ ಡಿ.ಬಿ., ಎಸ್. ... ಶಿವಕುಮಾರ್ ಅಂಬಲಪಾಡಿ, ಗಿರೀಶ್ ಇದ್ದರು.

ಮುಳ್ಳುಗುಡ್ಡೆ ಸರ್ಕಾರಿ ಅನುದಾನಿತ ಹಿರಿಯ ಪ್ರಾಥಮಿಕ ಶಾಲೆಗೆ 100 ವರುಷದ ಸಂಭ್ರಮ | ಕಾರ್ಯಕ್ರಮಕ್ಕೆ ಸಕಲ ಸಿದ್ಧತೆ
ಏ. 19ರಂದು ಶತಮಾನೋತ್ಸವ ಸಂಭ್ರಮ, ಹಳೆ ವಿದ್ಯಾರ್ಥಿಗಳ ಸ್ನೇಹ ಸಮ್ಮಿಲನ

ಹೆಬ್ರಿ: ಹೆಬ್ರಿ ತಾಲೂಕಿನ ಶಿವಪುರ ಗ್ರಾಮದ ಮುಳ್ಳುಗುಡ್ಡೆ ಸರ್ಕಾರಿ ಅನುದಾನಿತ ಹಿರಿಯ ಪ್ರಾಥಮಿಕ ಶಾಲೆಗೆ ಈಗ ಶತಮಾನೋತ್ಸವ ಸಂಭ್ರಮ. ಸರ್ವರ ಸಹಕಾರದಲ್ಲಿ ಶತಮಾನೋತ್ಸವದ ಸಂಭ್ರಮಕ್ಕೆ ಸಕಲ ಸಿದತೆಗಳು ನಡೆಯುತ್ತಿದೆ. ಶತಮಾನೋತ್ಸವದಲ್ಲಿ ಹಳೇ ವಿದ್ಯಾರ್ಥಿಗಳ ಸ್ನೇಹ ಸಮ್ಮಿಲನ ನಡೆಯಲಿದೆ. 1925ರಲ್ಲಿ ಶಿವಪುರ ಗ್ರಾಮದ ಶಾನುಭೋಗರಾಗಿದ್ದ ಓ. ರಾಮರಾಯ ಶಾನುಭೋಗರು ಶಾಲೆಯನ್ನು ಸ್ಥಾಪಿಸಿದ್ದರು. ಸಾವಿರಾರು ಮಕ್ಕಳಿಗೆ ಗ್ರಾಮೀಣ ಪ್ರದೇಶದ ಶಾಲೆಯು ವಿದ್ಯಾರ್ಜನೆಯನ್ನು ನೀಡಿದೆ. ರಾಷ್ಟ್ರೀಯ ಹೆದ್ದಾರಿಯ ಪಕ್ಕದ ಮುಳ್ಳುಗುಡ್ಡೆಯಲ್ಲಿ ಅತ್ಯಂತ ವಿಶಾಲವಾದ ಸ್ಥಳದಲ್ಲಿ ಶಾಲೆಯಿದ್ದು 2 ಕಟ್ಟಡಗಳು ಸುಣ್ಣಬಣ್ಣದಿಂದ ಅಲಂಕಾರಗೊಂಡು

ಕಂಗೊಳಿಸುತ್ತಿದೆ. ಶಾಲಾಡಳಿತ ಪರಿಷತ್, ವ್ಯವಸ್ಥಾಪನಾ ಸಮಿತಿ ಅಧ್ಯಕ್ಷ ಶಿವಪುರದ ಮುಂದಾಳು ಮೂರ್ನಾಲು ಮೋಹನದಾಸ ನಾಯಕ್ ನಿರಂತರವಾಗಿ ಶಾಲೆಯನ್ನು ಮುನ್ನಡೆಸಿಕೊಂಡು ಬರುತ್ತಿದ್ದಾರೆ. ಶಾಲಾಡಳಿತ ಪರಿಷತ್ ಮತ್ತು ವ್ಯವಸ್ಥಾಪನಾ ಸಮಿತಿಯ ಅಧ್ಯಕ್ಷ ಮೂರ್ನಾಲು ಮೋಹನದಾಸ ನಾಯಕ್ ನೇತೃತ್ವದಲ್ಲಿ ಹಳೆ ವಿದ್ಯಾರ್ಥಿ ಸಂಘದ ಅಧ್ಯಕ್ಷ ಜಗನ್ನಾಥ ಕುಲಾಲ್ ಶಿವಪುರ, ಶತಮಾನೋತ್ಸವ ಸಮಿತಿ ಅಧ್ಯಕ್ಷ

ನಿವೃತ್ತ ಮುಖ್ಯ ಶಿಕ್ಷಕ ಮುರಳೀಧರ ಭಟ್ ಮತ್ತು ಶಾಲಾ ಹಳೆ ವಿದ್ಯಾರ್ಥಿಗಳ ಸ್ನೇಹ ಸಮ್ಮಿಲನ ಸಮಿತಿ ಅಧ್ಯಕ್ಷ ಡಾ. ಗುರುಪ್ರಸಾದ ಸಹಕಾರದಲ್ಲಿ ಶತಮಾನೋತ್ಸವ ನಡೆಯಲು ಸರ್ವರೂ ಕೈಜೋಡಿಸಿದ್ದಾರೆ. ಊರಿನ ಸಂಘ-ಸಂಸ್ಥೆಗಳು, ಹಳೇ ವಿದ್ಯಾರ್ಥಿಗಳು, ಶಾಲಾಡಳಿತ ಪರಿಷತ್ ಮತ್ತು ವ್ಯವಸ್ಥಾಪನಾ ಸಮಿತಿ, ಶಾಲಾಭಿವೃದ್ಧಿ ಮತ್ತು ಮೇಲುಸ್ತುವಾರಿ ಸಮಿತಿ, ಶಾಲಾ ಶಿಕ್ಷಕ ರಕ್ಷಕ ಸಂಘ, ಶತಮಾನೋತ್ಸವ ಸಮಿತಿ, ಶಾಲಾ ಹಳೆ ವಿದ್ಯಾರ್ಥಿಗಳ ಸ್ನೇಹ ಸಮ್ಮಿಲನ ಸಮಿತಿ, ಹಳೇ ವಿದ್ಯಾರ್ಥಿ ಸಂಘದ ಸದಸ್ಯರು, ಮುಖ್ಯ ಶಿಕ್ಷಕರು, ಶಿಕ್ಷಕ ವೃಂದ, ಗೌರವ ಶಿಕ್ಷಕರು ಸಂಭ್ರಮದ ಯಶಸ್ಸಿಗೆ ಶ್ರಮಿಸುತ್ತಿದ್ದಾರೆ. ಶಾಲಾ ಹಳೆ ವಿದ್ಯಾರ್ಥಿಗಳ ಕ್ರೀಡೋತ್ಸವ

ಸಂಪನ್ನಗೊಂಡಿದೆ. ಶಾಲೆಯ ನಿರಂತರ ಉಳಿವಿಗಾಗಿ 100 ವರ್ಷಗಳ ಕಾಲ ಸೇವೆ ಸಲ್ಲಿಸಿದ ಮುಖ್ಯ ಶಿಕ್ಷಕರು, ಶಿಕ್ಷಕರು, ಸಿಬ್ಬಂದಿಗಳು, ದಾನಿಗಳು, ಸಾಧಕ ಹಳೆ ವಿದ್ಯಾರ್ಥಿಗಳನ್ನು ಗೌರವಿಸಲಾಗುವುದು. ಶತಮಾನೋತ್ಸವದ ನೆನಪಿಗಾಗಿ ಶಾಲೆಗೆ ಅಗತ್ಯ ಸೌಲಭ್ಯಗಳನ್ನು ಒದಗಿಸಲು ಯೋಜನೆ ರೂಪಿಸಲಾಗಿದ್ದು ಮುಳ್ಳುಗುಡ್ಡೆ ಸರ್ಕಾರಿ ಅನುದಾನಿತ ಹಿರಿಯ ಪ್ರಾಥಮಿಕ ಶಾಲೆಯ ಶತಮಾನೋತ್ಸವ ಏ.19ರಂದು ನಡೆಯಲಿದೆ. ಮಧ್ಯಾಹ್ನ 1 ಗಂಟೆಗೆ ಹಳೆ ವಿದ್ಯಾರ್ಥಿಗಳ ಸ್ನೇಹ ಸಮ್ಮಿಲನ ಹಾಗೂ ಸಾಂಸ್ಕೃತಿಕ ಕಾರ್ಯಕ್ರಮಗಳು ನಡೆಯಲಿದೆ.

ಬೇಟಿ ಹಾಗೂ ಸಾಧಕರು, ದಾನಿಗಳು ಮತ್ತು ಗೌರವ ಶಿಕ್ಷಕರನ್ನು ಸನ್ಮಾನಿಸಲಾಗುವುದು. ಹಳೆ ವಿದ್ಯಾರ್ಥಿಗಳ ನೃತ್ಯ, ನಾಟಕ ಪ್ರದರ್ಶನ ನಡೆಯಲಿದೆ. ಊರ ಹಾಗೂ ಪರವೂರ ವಿದ್ಯಾಭಿಮಾನಿಗಳು ಶತಮಾನೋತ್ಸವ ಸಂಭ್ರಮದಲ್ಲಿ ಪಾಲ್ಗೊಳ್ಳಬೇಕೆಂದು ಶತಮಾನೋತ್ಸವ ಸಮಿತಿ ಹಾಗೂ ಶಾಲಾಡಳಿತ ಪರಿಷತ್ ಅಧ್ಯಕ್ಷ ಮೋಹನದಾಸ ನಾಯಕ್ ತಿಳಿಸಿದ್ದಾರೆ.
